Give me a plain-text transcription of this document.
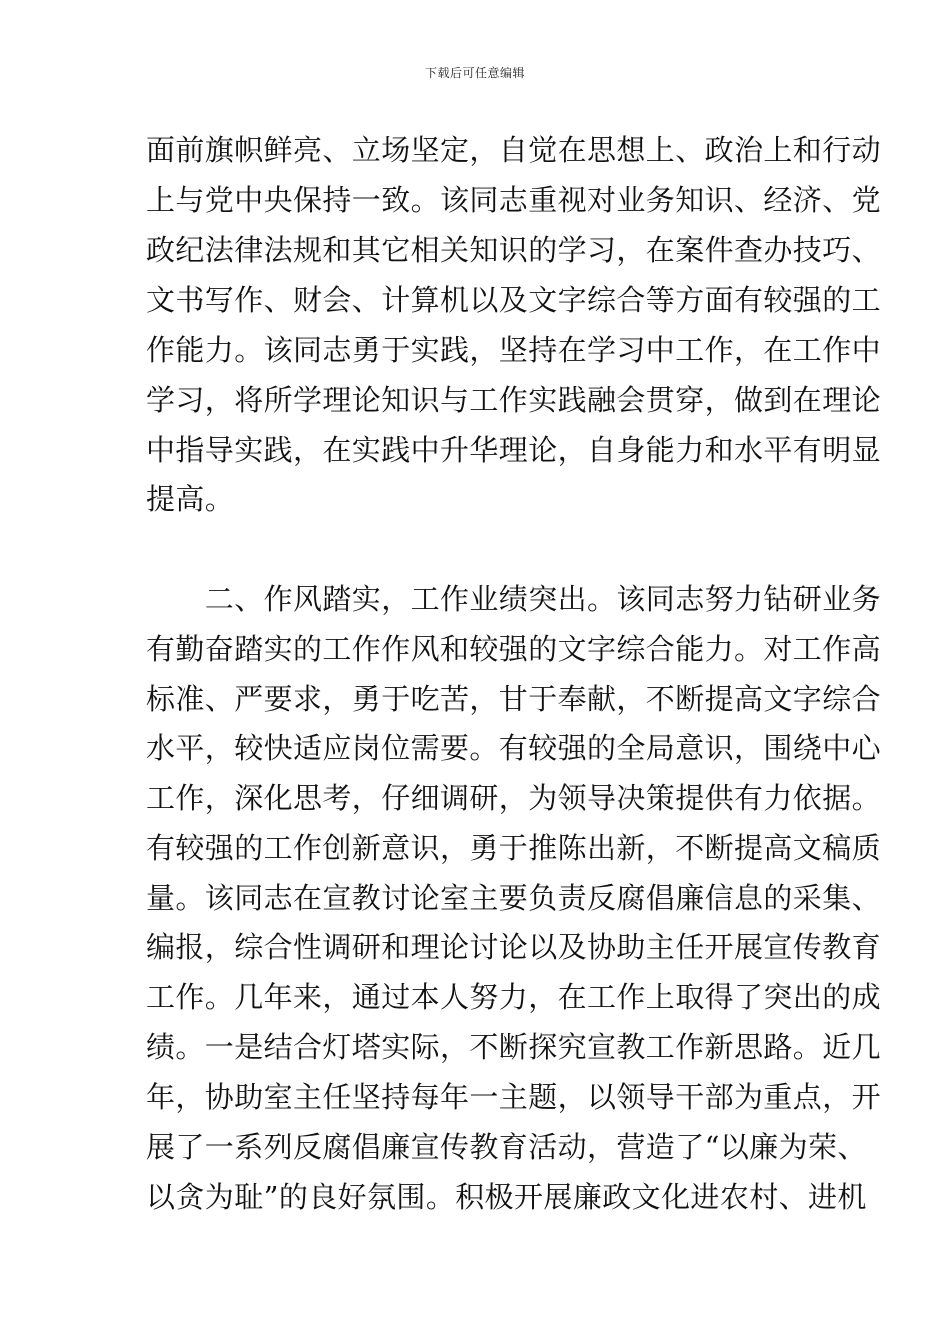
下载后可任意编辑
面前旗帜鲜亮、立场坚定，自觉在思想上、政治上和行动
上与党中央保持一致。该同志重视对业务知识、经济、党
政纪法律法规和其它相关知识的学习，在案件查办技巧、
文书写作、财会、计算机以及文字综合等方面有较强的工
作能力。该同志勇于实践，坚持在学习中工作，在工作中
学习，将所学理论知识与工作实践融会贯穿，做到在理论
中指导实践，在实践中升华理论，自身能力和水平有明显
提高。
　　二、作风踏实，工作业绩突出。该同志努力钻研业务
有勤奋踏实的工作作风和较强的文字综合能力。对工作高
标准、严要求，勇于吃苦，甘于奉献，不断提高文字综合
水平，较快适应岗位需要。有较强的全局意识，围绕中心
工作，深化思考，仔细调研，为领导决策提供有力依据。
有较强的工作创新意识，勇于推陈出新，不断提高文稿质
量。该同志在宣教讨论室主要负责反腐倡廉信息的采集、
编报，综合性调研和理论讨论以及协助主任开展宣传教育
工作。几年来，通过本人努力，在工作上取得了突出的成
绩。一是结合灯塔实际，不断探究宣教工作新思路。近几
年，协助室主任坚持每年一主题，以领导干部为重点，开
展了一系列反腐倡廉宣传教育活动，营造了“以廉为荣、
以贪为耻”的良好氛围。积极开展廉政文化进农村、进机
